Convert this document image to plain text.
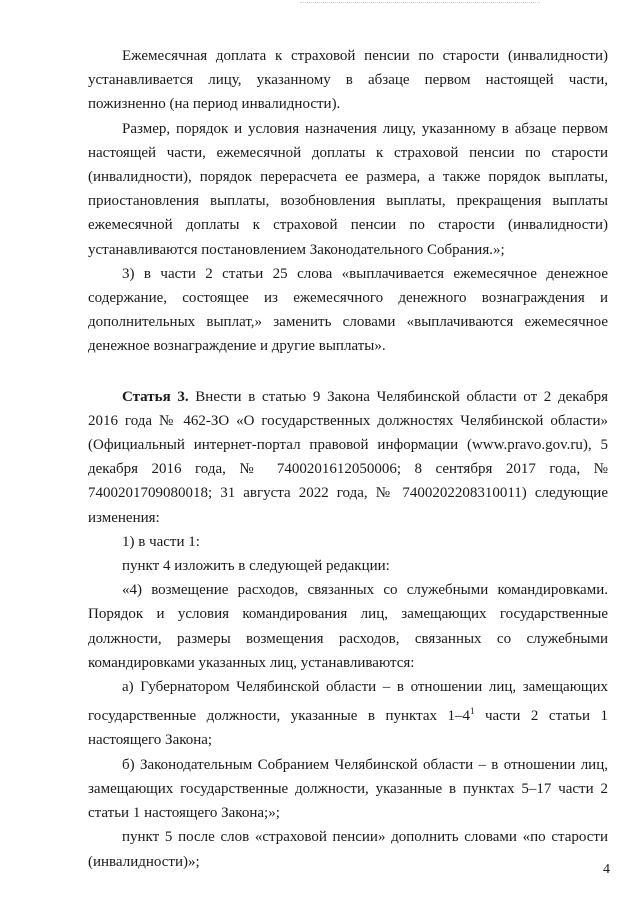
Ежемесячная доплата к страховой пенсии по старости (инвалидности) устанавливается лицу, указанному в абзаце первом настоящей части, пожизненно (на период инвалидности).

Размер, порядок и условия назначения лицу, указанному в абзаце первом настоящей части, ежемесячной доплаты к страховой пенсии по старости (инвалидности), порядок перерасчета ее размера, а также порядок выплаты, приостановления выплаты, возобновления выплаты, прекращения выплаты ежемесячной доплаты к страховой пенсии по старости (инвалидности) устанавливаются постановлением Законодательного Собрания.»;

3) в части 2 статьи 25 слова «выплачивается ежемесячное денежное содержание, состоящее из ежемесячного денежного вознаграждения и дополнительных выплат,» заменить словами «выплачиваются ежемесячное денежное вознаграждение и другие выплаты».

Статья 3. Внести в статью 9 Закона Челябинской области от 2 декабря 2016 года № 462-ЗО «О государственных должностях Челябинской области» (Официальный интернет-портал правовой информации (www.pravo.gov.ru), 5 декабря 2016 года, № 7400201612050006; 8 сентября 2017 года, № 7400201709080018; 31 августа 2022 года, № 7400202208310011) следующие изменения:

1) в части 1:

пункт 4 изложить в следующей редакции:

«4) возмещение расходов, связанных со служебными командировками. Порядок и условия командирования лиц, замещающих государственные должности, размеры возмещения расходов, связанных со служебными командировками указанных лиц, устанавливаются:

а) Губернатором Челябинской области – в отношении лиц, замещающих государственные должности, указанные в пунктах $1-4^1$ части 2 статьи 1 настоящего Закона;

б) Законодательным Собранием Челябинской области – в отношении лиц, замещающих государственные должности, указанные в пунктах 5–17 части 2 статьи 1 настоящего Закона;»;

пункт 5 после слов «страховой пенсии» дополнить словами «по старости (инвалидности)»;	4
